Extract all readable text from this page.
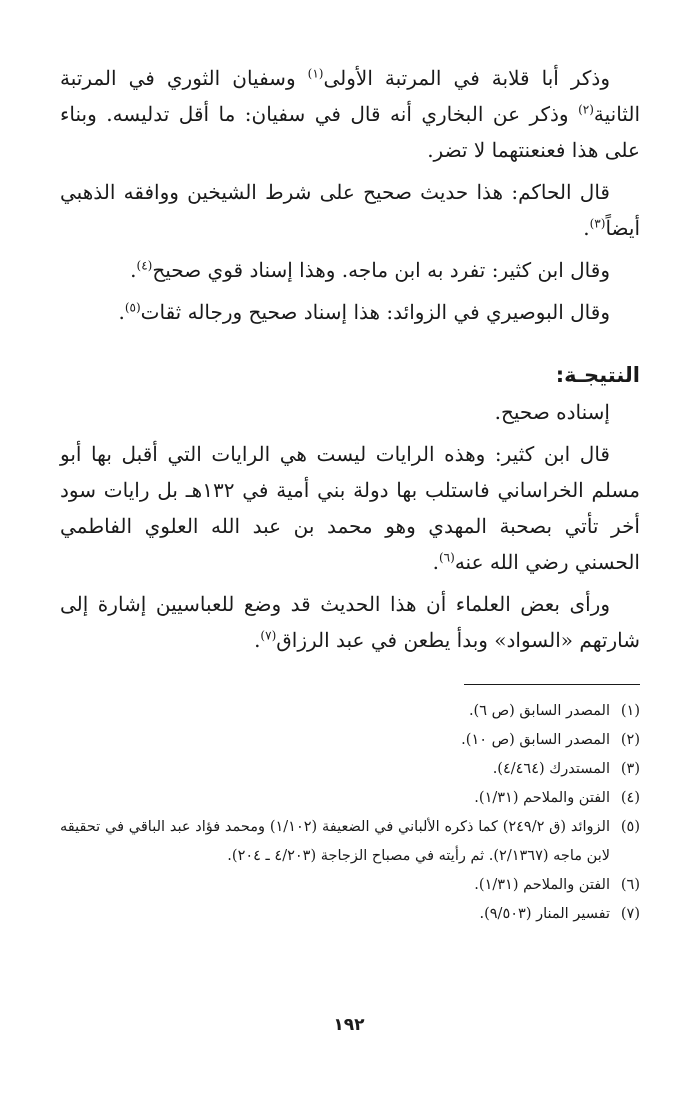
وذكر أبا قلابة في المرتبة الأولى$^{(١)}$ وسفيان الثوري في المرتبة الثانية$^{(٢)}$ وذكر عن البخاري أنه قال في سفيان: ما أقل تدليسه. وبناء على هذا فعنعنتهما لا تضر.

قال الحاكم: هذا حديث صحيح على شرط الشيخين ووافقه الذهبي أيضاً$^{(٣)}$.

وقال ابن كثير: تفرد به ابن ماجه. وهذا إسناد قوي صحيح$^{(٤)}$.

وقال البوصيري في الزوائد: هذا إسناد صحيح ورجاله ثقات$^{(٥)}$.

النتيجـة:

إسناده صحيح.

قال ابن كثير: وهذه الرايات ليست هي الرايات التي أقبل بها أبو مسلم الخراساني فاستلب بها دولة بني أمية في ١٣٢هـ بل رايات سود أخر تأتي بصحبة المهدي وهو محمد بن عبد الله العلوي الفاطمي الحسني رضي الله عنه$^{(٦)}$.

ورأى بعض العلماء أن هذا الحديث قد وضع للعباسيين إشارة إلى شارتهم «السواد» وبدأ يطعن في عبد الرزاق$^{(٧)}$.

(١)
المصدر السابق (ص ٦).
(٢)
المصدر السابق (ص ١٠).
(٣)
المستدرك (٤/٤٦٤).
(٤)
الفتن والملاحم (١/٣١).
(٥)
الزوائد (ق ٢٤٩/٢) كما ذكره الألباني في الضعيفة (١/١٠٢) ومحمد فؤاد عبد الباقي في تحقيقه لابن ماجه (٢/١٣٦٧). ثم رأيته في مصباح الزجاجة (٤/٢٠٣ ـ ٢٠٤).
(٦)
الفتن والملاحم (١/٣١).
(٧)
تفسير المنار (٩/٥٠٣).
١٩٢
